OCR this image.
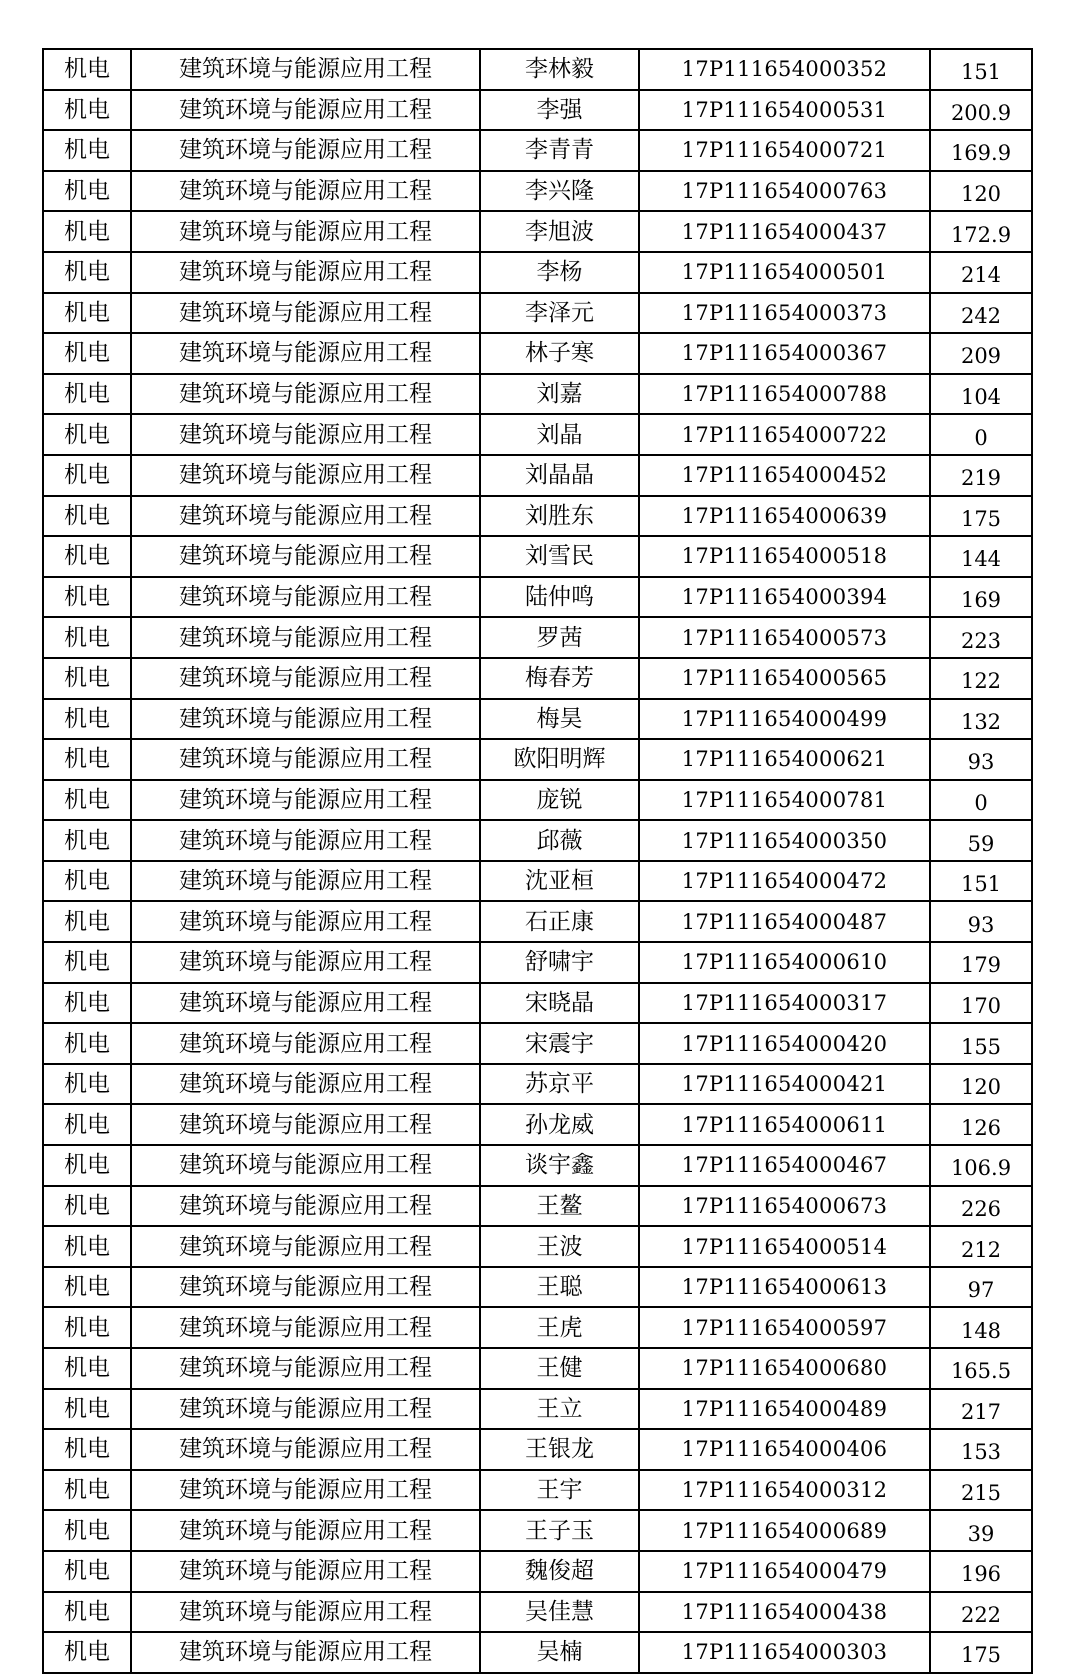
机电	建筑环境与能源应用工程	李林毅	17P111654000352	151
机电	建筑环境与能源应用工程	李强	17P111654000531	200.9
机电	建筑环境与能源应用工程	李青青	17P111654000721	169.9
机电	建筑环境与能源应用工程	李兴隆	17P111654000763	120
机电	建筑环境与能源应用工程	李旭波	17P111654000437	172.9
机电	建筑环境与能源应用工程	李杨	17P111654000501	214
机电	建筑环境与能源应用工程	李泽元	17P111654000373	242
机电	建筑环境与能源应用工程	林子寒	17P111654000367	209
机电	建筑环境与能源应用工程	刘嘉	17P111654000788	104
机电	建筑环境与能源应用工程	刘晶	17P111654000722	0
机电	建筑环境与能源应用工程	刘晶晶	17P111654000452	219
机电	建筑环境与能源应用工程	刘胜东	17P111654000639	175
机电	建筑环境与能源应用工程	刘雪民	17P111654000518	144
机电	建筑环境与能源应用工程	陆仲鸣	17P111654000394	169
机电	建筑环境与能源应用工程	罗茜	17P111654000573	223
机电	建筑环境与能源应用工程	梅春芳	17P111654000565	122
机电	建筑环境与能源应用工程	梅昊	17P111654000499	132
机电	建筑环境与能源应用工程	欧阳明辉	17P111654000621	93
机电	建筑环境与能源应用工程	庞锐	17P111654000781	0
机电	建筑环境与能源应用工程	邱薇	17P111654000350	59
机电	建筑环境与能源应用工程	沈亚桓	17P111654000472	151
机电	建筑环境与能源应用工程	石正康	17P111654000487	93
机电	建筑环境与能源应用工程	舒啸宇	17P111654000610	179
机电	建筑环境与能源应用工程	宋晓晶	17P111654000317	170
机电	建筑环境与能源应用工程	宋震宇	17P111654000420	155
机电	建筑环境与能源应用工程	苏京平	17P111654000421	120
机电	建筑环境与能源应用工程	孙龙威	17P111654000611	126
机电	建筑环境与能源应用工程	谈宇鑫	17P111654000467	106.9
机电	建筑环境与能源应用工程	王鳌	17P111654000673	226
机电	建筑环境与能源应用工程	王波	17P111654000514	212
机电	建筑环境与能源应用工程	王聪	17P111654000613	97
机电	建筑环境与能源应用工程	王虎	17P111654000597	148
机电	建筑环境与能源应用工程	王健	17P111654000680	165.5
机电	建筑环境与能源应用工程	王立	17P111654000489	217
机电	建筑环境与能源应用工程	王银龙	17P111654000406	153
机电	建筑环境与能源应用工程	王宇	17P111654000312	215
机电	建筑环境与能源应用工程	王子玉	17P111654000689	39
机电	建筑环境与能源应用工程	魏俊超	17P111654000479	196
机电	建筑环境与能源应用工程	吴佳慧	17P111654000438	222
机电	建筑环境与能源应用工程	吴楠	17P111654000303	175
